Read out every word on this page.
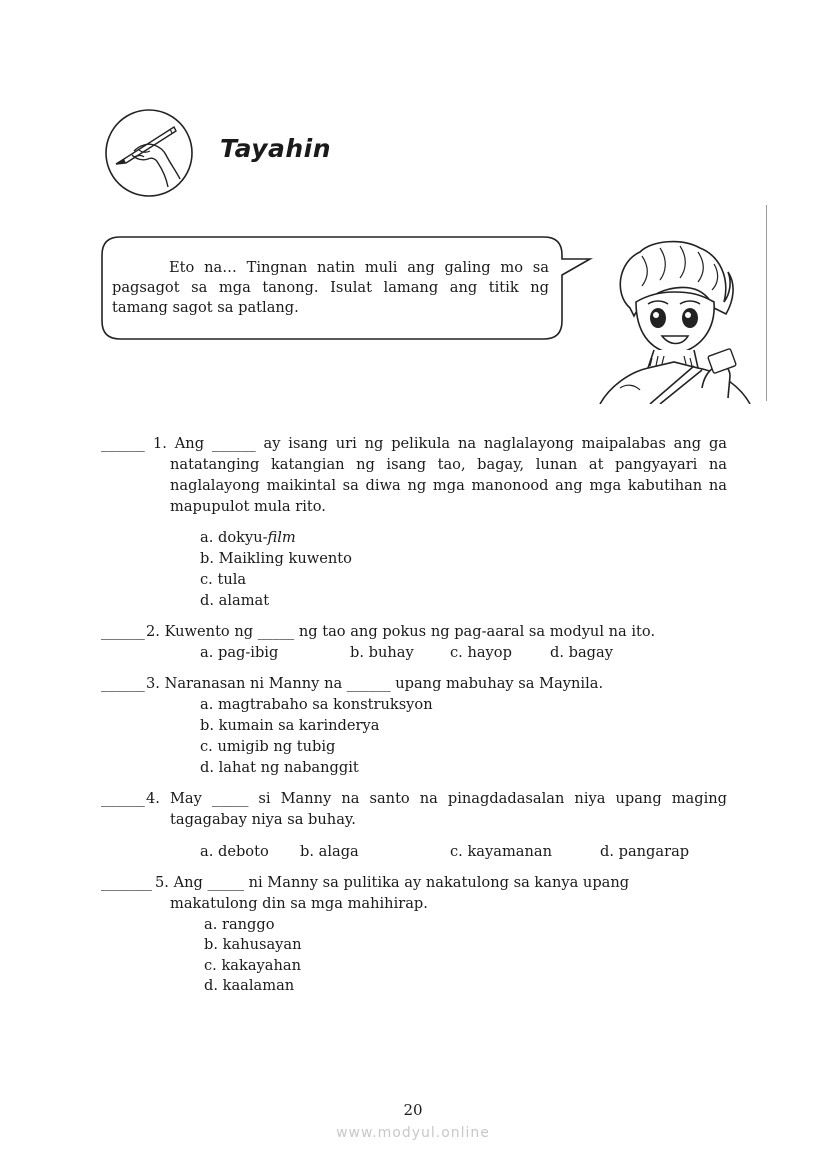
Tayahin
Eto na… Tingnan natin muli ang galing mo sa pagsagot sa mga tanong. Isulat lamang ang titik ng tamang sagot sa patlang.
______ 1. Ang ______ ay isang uri ng pelikula na naglalayong maipalabas ang ga
natatanging katangian ng isang tao, bagay, lunan at pangyayari na
naglalayong maikintal sa diwa ng mga manonood ang mga kabutihan na
mapupulot mula rito.
a. dokyu-film
b. Maikling kuwento
c. tula
d. alamat
______ 2. Kuwento ng _____ ng tao ang pokus ng pag-aaral sa modyul na ito.
a. pag-ibig	b. buhay c. hayop	d. bagay
______ 3. Naranasan ni Manny na ______ upang mabuhay sa Maynila.
a. magtrabaho sa konstruksyon
b. kumain sa karinderya
c. umigib ng tubig
d. lahat ng nabanggit
______ 4. May _____ si Manny na santo na pinagdadasalan niya upang maging
tagagabay niya sa buhay.
a. deboto b. alaga	c. kayamanan	d. pangarap
_______ 5. Ang _____ ni Manny sa pulitika ay nakatulong sa kanya upang
makatulong din sa mga mahihirap.
a. ranggo
b. kahusayan
c. kakayahan
d. kaalaman
20
www.modyul.online
